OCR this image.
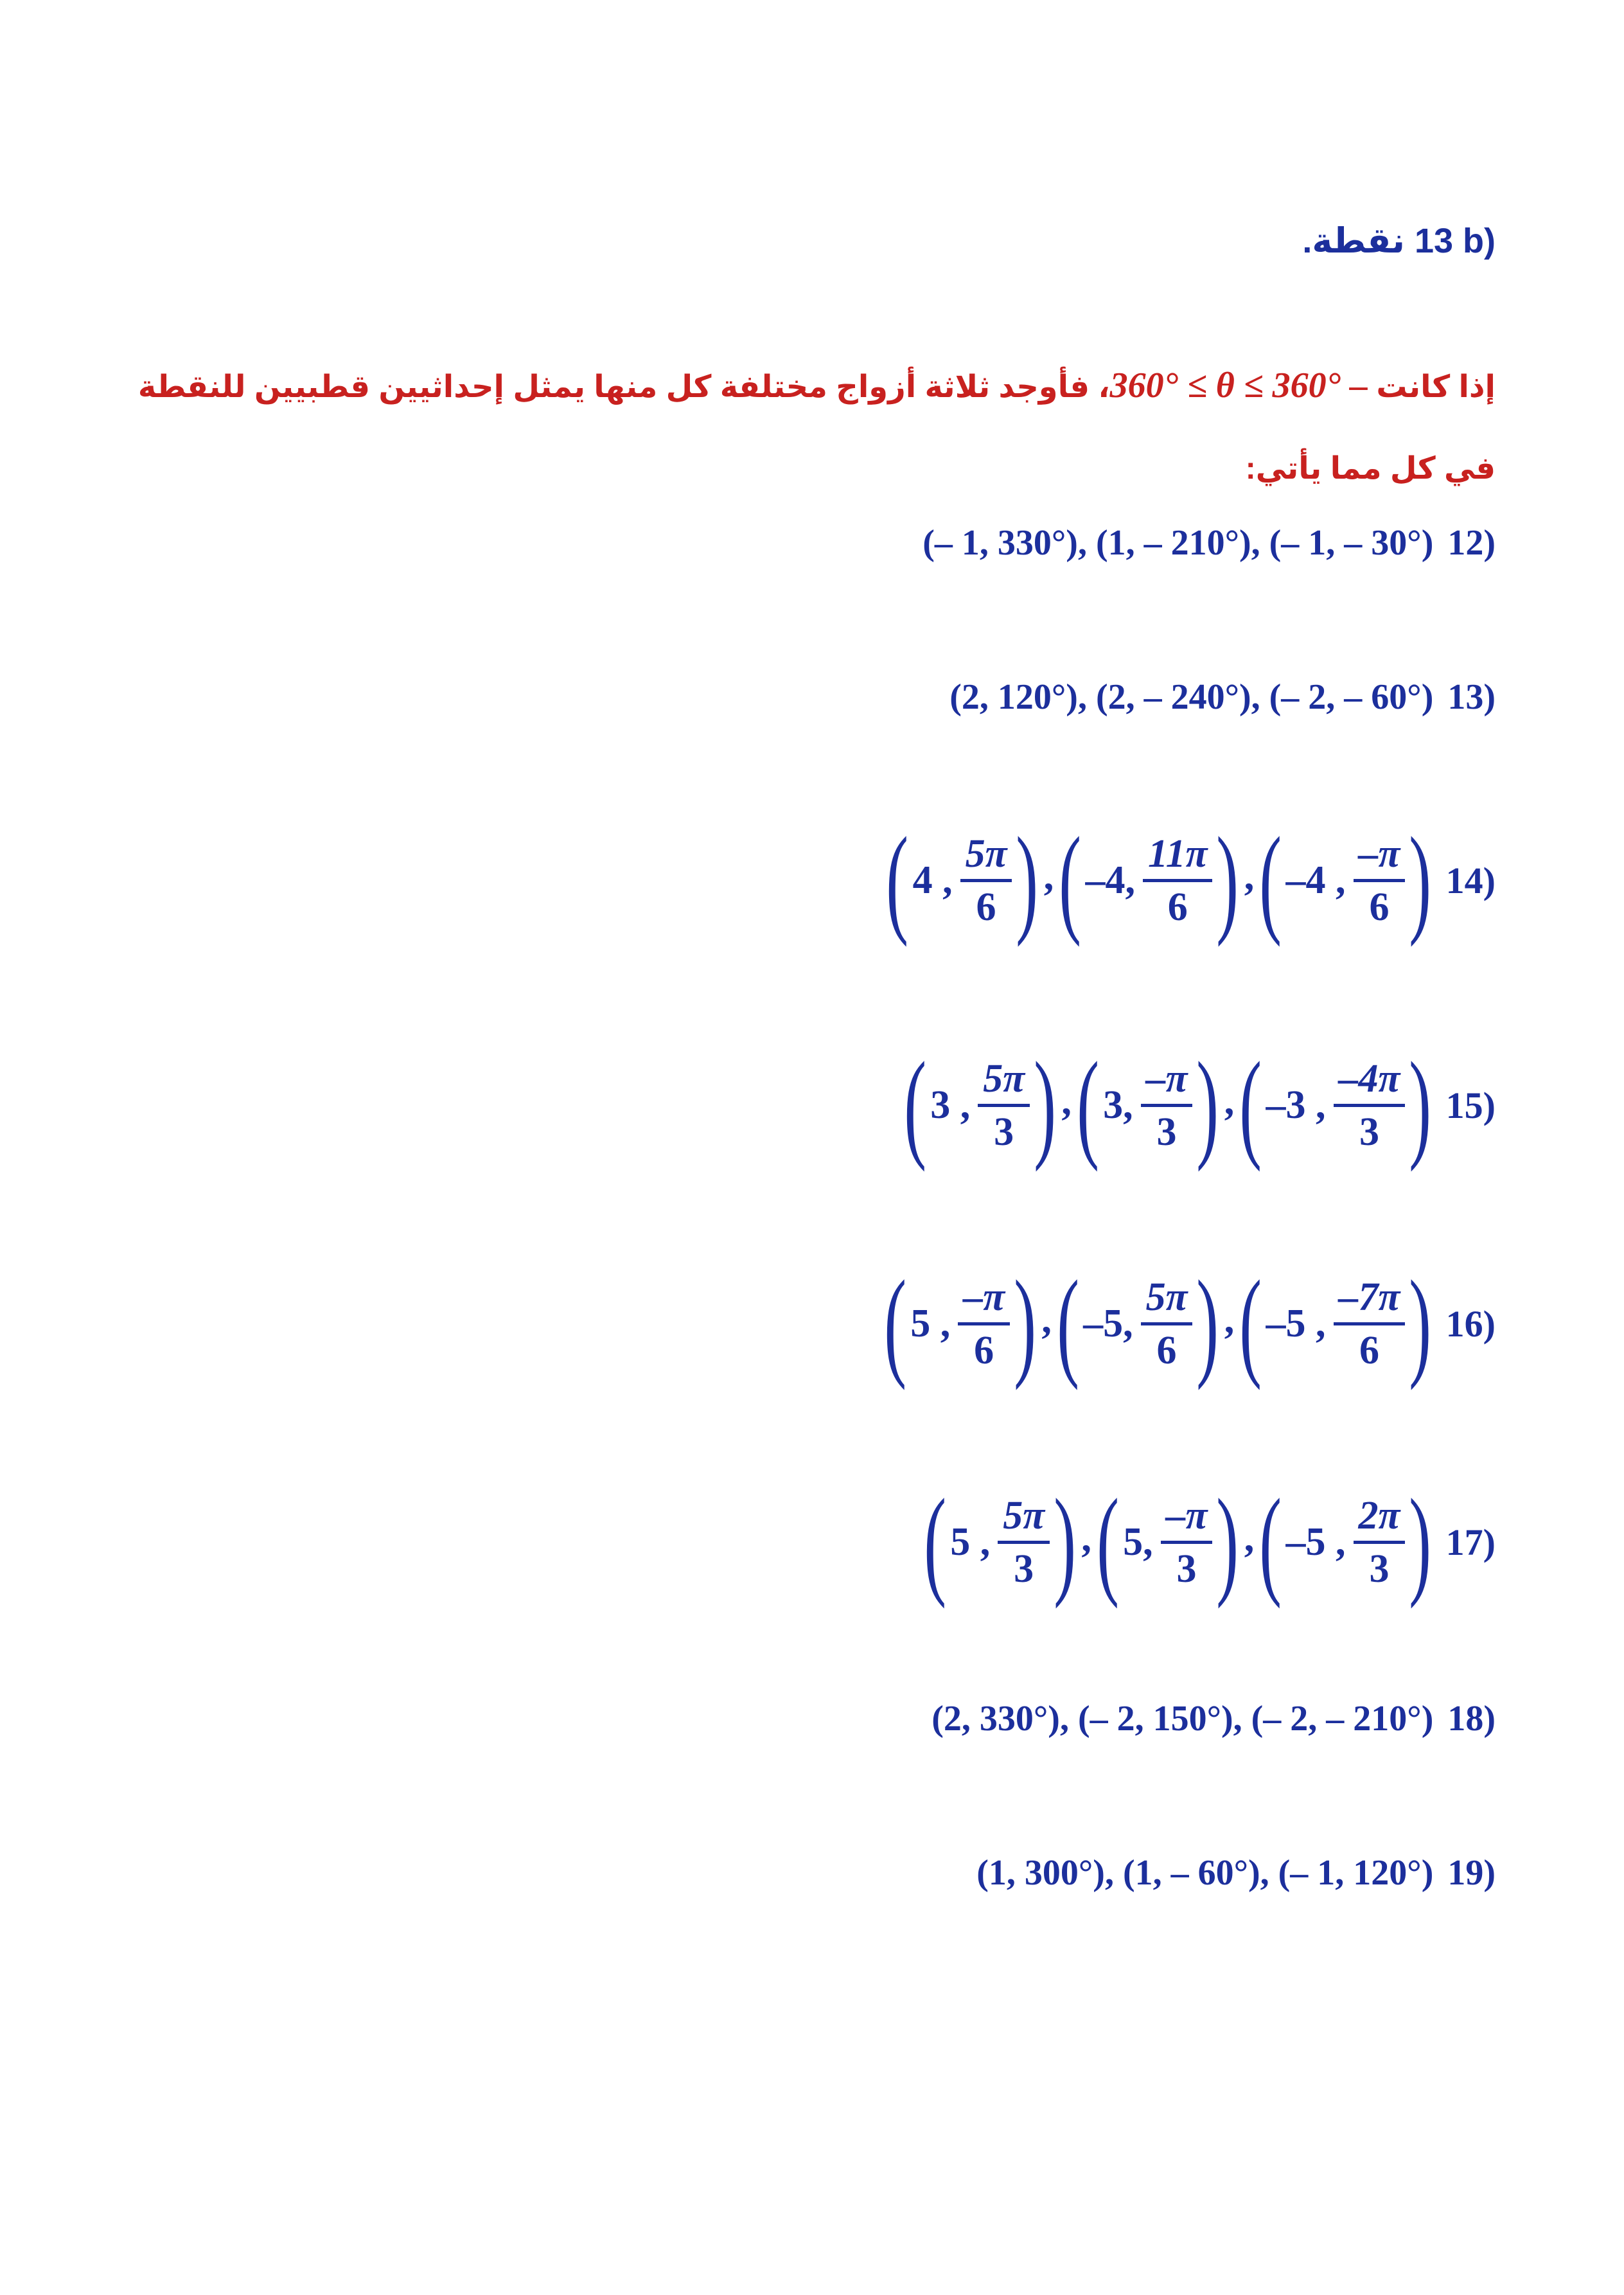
نقطة. 13 b)
إذا كانت 360° ≤ θ ≤ 360° –، فأوجد ثلاثة أزواج مختلفة كل منها يمثل إحداثيين قطبيين للنقطة
في كل مما يأتي:
(– 1, 330°), (1, – 210°), (– 1, – 30°) 12)
(2, 120°), (2, – 240°), (– 2, – 60°) 13)
( 4 ,
5π
6 ) , ( –4,
11π
6 ) , ( –4 ,
–π
6 ) 14)
( 3 ,
5π
3 ) , ( 3,
–π
3 ) , ( –3 ,
–4π
3 ) 15)
( 5 ,
–π
6 ) , ( –5,
5π
6 ) , ( –5 ,
–7π
6 ) 16)
( 5 ,
5π
3 ) , ( 5,
–π
3 ) , ( –5 ,
2π
3 ) 17)
(2, 330°), (– 2, 150°), (– 2, – 210°) 18)
(1, 300°), (1, – 60°), (– 1, 120°) 19)
